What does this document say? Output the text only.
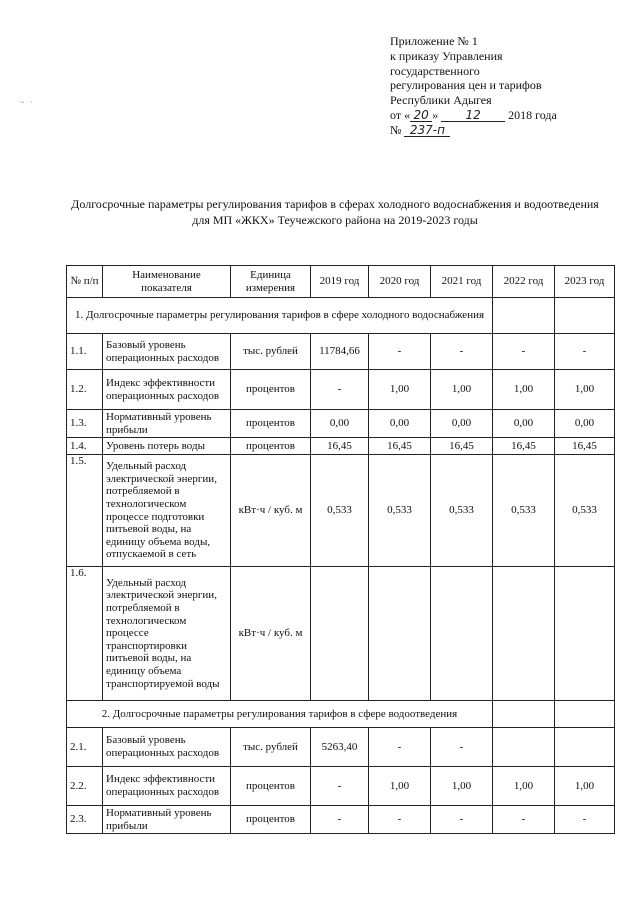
Приложение № 1
к приказу Управления
государственного
регулирования цен и тарифов
Республики Адыгея
от « 20 » 12 2018 года
№ 237-п
~ ·
Долгосрочные параметры регулирования тарифов в сферах холодного водоснабжения и водоотведения для МП «ЖКХ» Теучежского района на 2019-2023 годы
№ п/п	Наименование показателя	Единица измерения	2019 год	2020 год	2021 год	2022 год	2023 год
1. Долгосрочные параметры регулирования тарифов в сфере холодного водоснабжения							
1.1.	Базовый уровень операционных расходов	тыс. рублей	11784,66	-	-	-	-
1.2.	Индекс эффективности операционных расходов	процентов	-	1,00	1,00	1,00	1,00
1.3.	Нормативный уровень прибыли	процентов	0,00	0,00	0,00	0,00	0,00
1.4.	Уровень потерь воды	процентов	16,45	16,45	16,45	16,45	16,45
1.5.	Удельный расход электрической энергии, потребляемой в технологическом процессе подготовки питьевой воды, на единицу объема воды, отпускаемой в сеть	кВт·ч / куб. м	0,533	0,533	0,533	0,533	0,533
1.6.	Удельный расход электрической энергии, потребляемой в технологическом процессе транспортировки питьевой воды, на единицу объема транспортируемой воды	кВт·ч / куб. м					
2. Долгосрочные параметры регулирования тарифов в сфере водоотведения							
2.1.	Базовый уровень операционных расходов	тыс. рублей	5263,40	-	-		
2.2.	Индекс эффективности операционных расходов	процентов	-	1,00	1,00	1,00	1,00
2.3.	Нормативный уровень прибыли	процентов	-	-	-	-	-
